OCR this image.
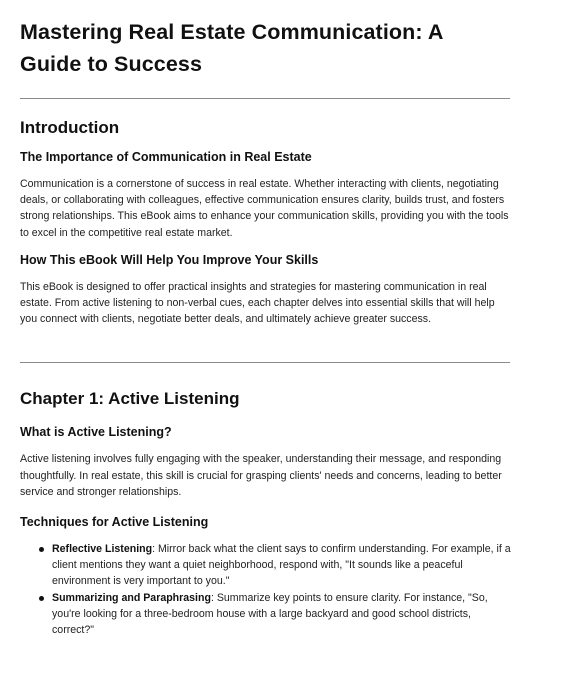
Mastering Real Estate Communication: A Guide to Success
Introduction
The Importance of Communication in Real Estate

Communication is a cornerstone of success in real estate. Whether interacting with clients, negotiating deals, or collaborating with colleagues, effective communication ensures clarity, builds trust, and fosters strong relationships. This eBook aims to enhance your communication skills, providing you with the tools to excel in the competitive real estate market.

How This eBook Will Help You Improve Your Skills

This eBook is designed to offer practical insights and strategies for mastering communication in real estate. From active listening to non-verbal cues, each chapter delves into essential skills that will help you connect with clients, negotiate better deals, and ultimately achieve greater success.

Chapter 1: Active Listening
What is Active Listening?

Active listening involves fully engaging with the speaker, understanding their message, and responding thoughtfully. In real estate, this skill is crucial for grasping clients' needs and concerns, leading to better service and stronger relationships.

Techniques for Active Listening
Reflective Listening: Mirror back what the client says to confirm understanding. For example, if a client mentions they want a quiet neighborhood, respond with, "It sounds like a peaceful environment is very important to you."
Summarizing and Paraphrasing: Summarize key points to ensure clarity. For instance, "So, you're looking for a three-bedroom house with a large backyard and good school districts, correct?"
